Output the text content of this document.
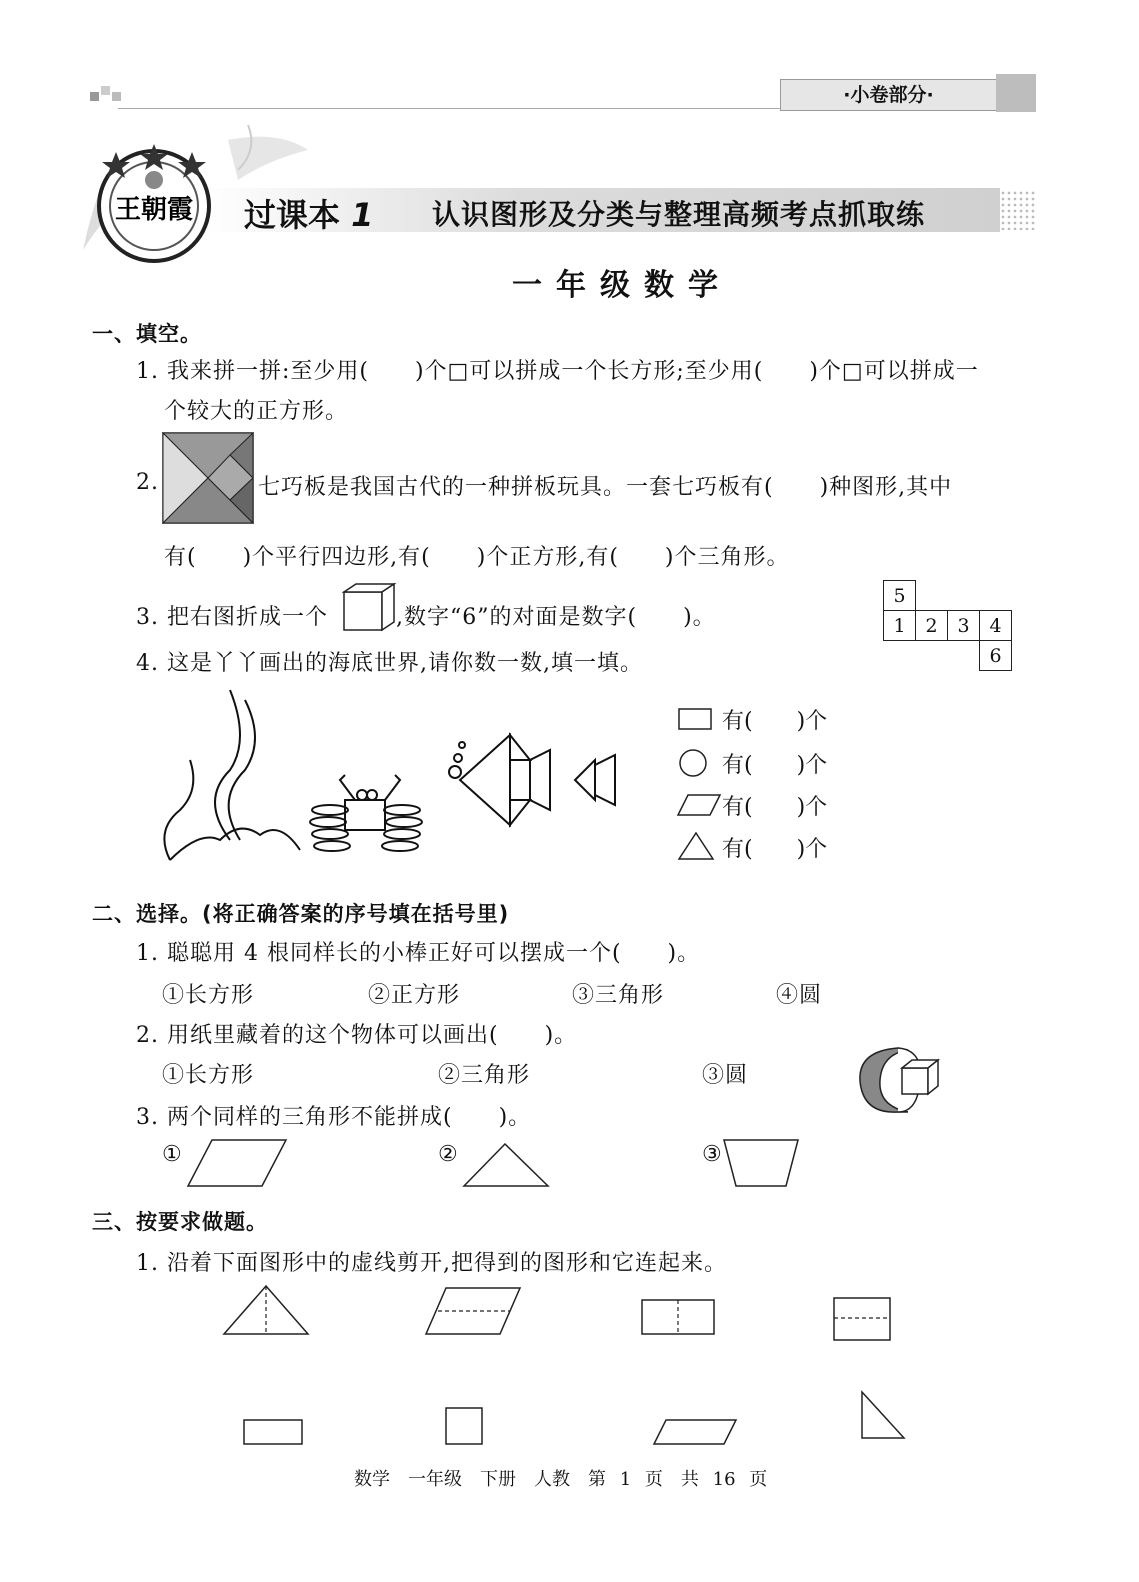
·小卷部分·
王朝霞 过课本 1 认识图形及分类与整理高频考点抓取练
一年级数学
一、填空。
1. 我来拼一拼:至少用(　　)个□可以拼成一个长方形;至少用(　　)个□可以拼成一
个较大的正方形。
2.	七巧板是我国古代的一种拼板玩具。一套七巧板有(　　)种图形,其中
有(　　)个平行四边形,有(　　)个正方形,有(　　)个三角形。
3. 把右图折成一个	,数字“6”的对面是数字(　　)。
5			
1	2	3	4
			6
4. 这是丫丫画出的海底世界,请你数一数,填一填。
有(　　)个
有(　　)个
有(　　)个
有(　　)个
二、选择。(将正确答案的序号填在括号里)
1. 聪聪用 4 根同样长的小棒正好可以摆成一个(　　)。
①长方形	②正方形	③三角形	④圆
2. 用纸里藏着的这个物体可以画出(　　)。
①长方形	②三角形	③圆
3. 两个同样的三角形不能拼成(　　)。
①	②	③
三、按要求做题。
1. 沿着下面图形中的虚线剪开,把得到的图形和它连起来。
数学　一年级　下册　人教　第 1 页　共 16 页
